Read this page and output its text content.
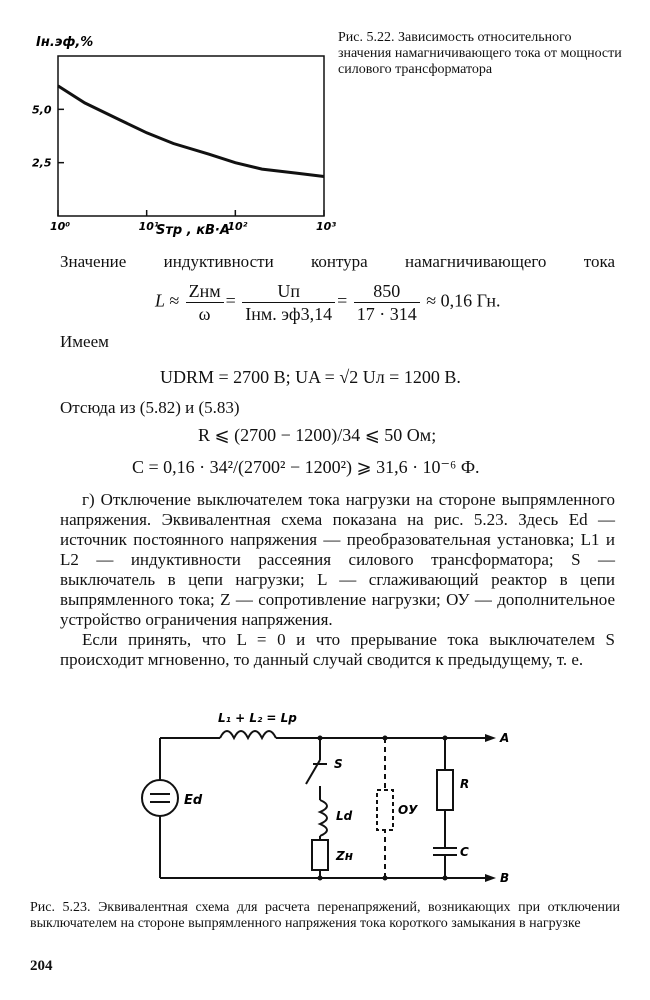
Iн.эф,%
10⁰	10¹	10²	10³
2,5
5,0
Sтр , кВ·А
Рис. 5.22. Зависимость относительного значения намагничивающего тока от мощности силового трансформатора
Значение индуктивности контура намагничивающего тока
$L \approx \frac{\text{Zнм}}{\omega} = \frac{Uп}{\text{Iнм. эф3,14}} = \frac{850}{17 \cdot 314} \approx 0,16$ Гн.
Имеем
UDRM = 2700 В; UA = √2 Uл = 1200 В.
Отсюда из (5.82) и (5.83)
R ⩽ (2700 − 1200)/34 ⩽ 50 Ом;
C = 0,16 · 34²/(2700² − 1200²) ⩾ 31,6 · 10⁻⁶ Ф.

г) Отключение выключателем тока нагрузки на стороне выпрямленного напряжения. Эквивалентная схема показана на рис. 5.23. Здесь Ed — источник постоянного напряжения — преобразовательная установка; L1 и L2 — индуктивности рассеяния силового трансформатора; S — выключатель в цепи нагрузки; L — сглаживающий реактор в цепи выпрямленного тока; Z — сопротивление нагрузки; ОУ — дополнительное устройство ограничения напряжения.

Если принять, что L = 0 и что прерывание тока выключателем S происходит мгновенно, то данный случай сводится к предыдущему, т. е.

L₁ + L₂ = Lp
A
B
S
Ld
Zн
ОУ
R
C
Ed
Рис. 5.23. Эквивалентная схема для расчета перенапряжений, возникающих при отключении выключателем на стороне выпрямленного напряжения тока короткого замыкания в нагрузке
204
